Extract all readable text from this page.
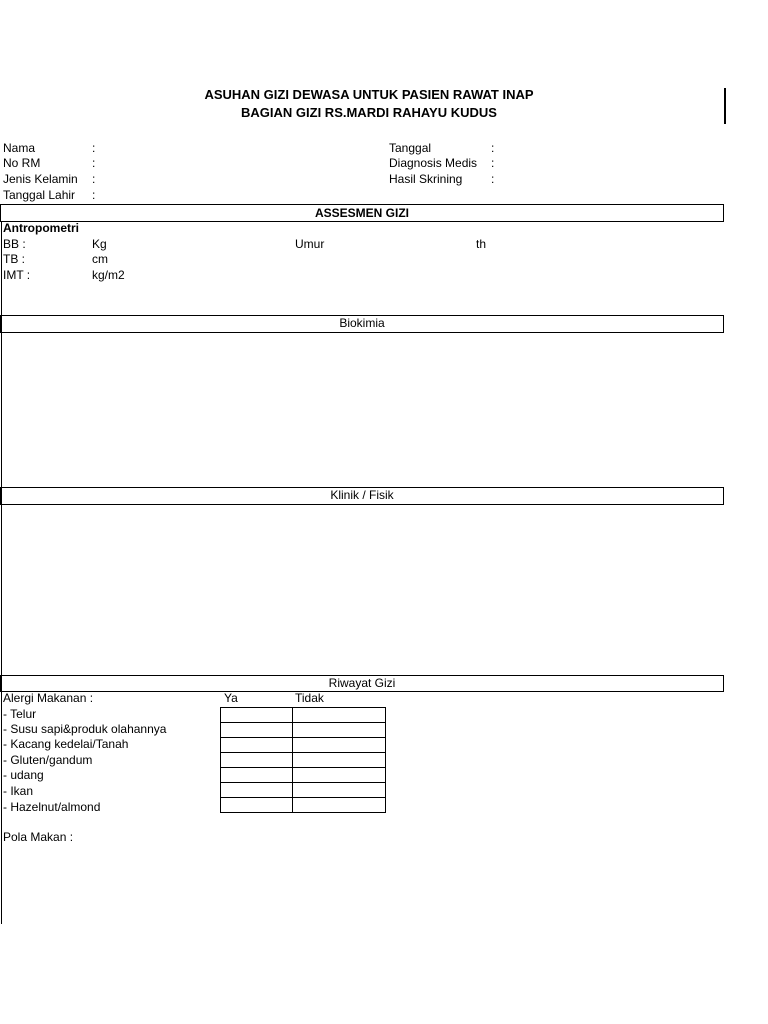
ASUHAN GIZI DEWASA UNTUK PASIEN RAWAT INAP
BAGIAN GIZI RS.MARDI RAHAYU KUDUS
Nama	:
No RM	:
Jenis Kelamin :
Tanggal Lahir :
Tanggal	:
Diagnosis Medis :
Hasil Skrining :
ASSESMEN GIZI
Antropometri
BB :	Kg	Umur	th
TB :	cm
IMT :	kg/m2
Biokimia
Klinik / Fisik
Riwayat Gizi
Alergi Makanan :	Ya	Tidak
- Telur
- Susu sapi&produk olahannya
- Kacang kedelai/Tanah
- Gluten/gandum
- udang
- Ikan
- Hazelnut/almond

Pola Makan :
